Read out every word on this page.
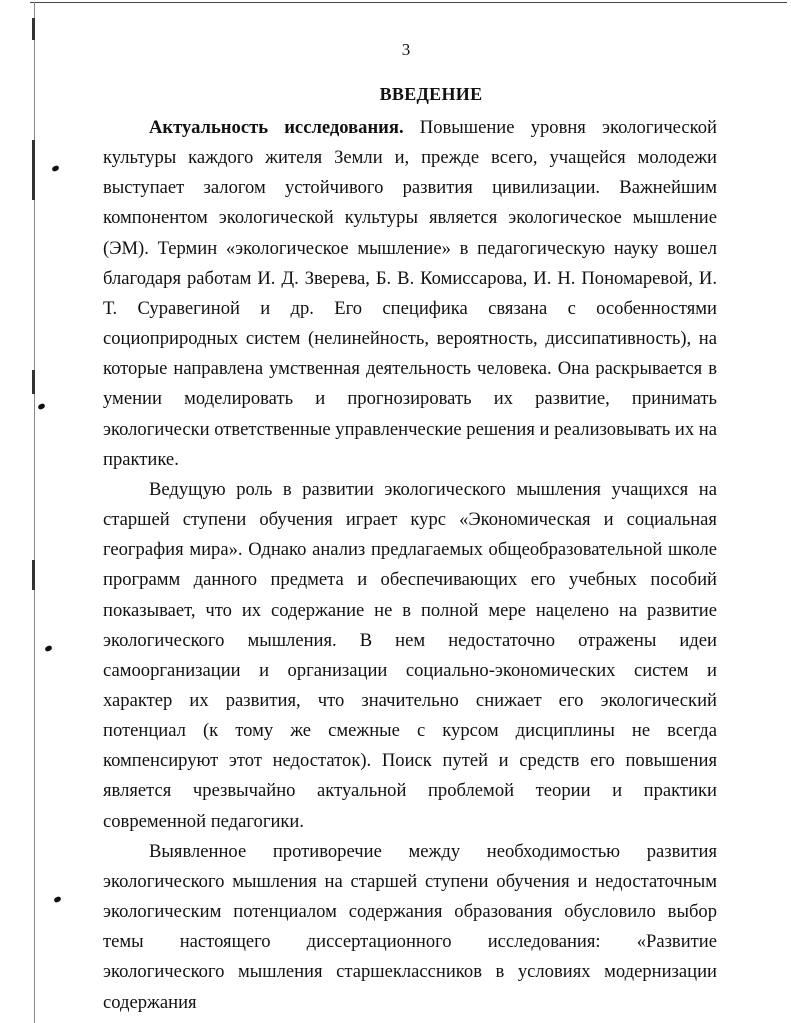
3
ВВЕДЕНИЕ

Актуальность исследования. Повышение уровня экологической культуры каждого жителя Земли и, прежде всего, учащейся молодежи выступает залогом устойчивого развития цивилизации. Важнейшим компонентом экологической культуры является экологическое мышление (ЭМ). Термин «экологическое мышление» в педагогическую науку вошел благодаря работам И. Д. Зверева, Б. В. Комиссарова, И. Н. Пономаревой, И. Т. Суравегиной и др. Его специфика связана с особенностями социоприродных систем (нелинейность, вероятность, диссипативность), на которые направлена умственная деятельность человека. Она раскрывается в умении моделировать и прогнозировать их развитие, принимать экологически ответственные управленческие решения и реализовывать их на практике.

Ведущую роль в развитии экологического мышления учащихся на старшей ступени обучения играет курс «Экономическая и социальная география мира». Однако анализ предлагаемых общеобразовательной школе программ данного предмета и обеспечивающих его учебных пособий показывает, что их содержание не в полной мере нацелено на развитие экологического мышления. В нем недостаточно отражены идеи самоорганизации и организации социально-экономических систем и характер их развития, что значительно снижает его экологический потенциал (к тому же смежные с курсом дисциплины не всегда компенсируют этот недостаток). Поиск путей и средств его повышения является чрезвычайно актуальной проблемой теории и практики современной педагогики.

Выявленное противоречие между необходимостью развития экологического мышления на старшей ступени обучения и недостаточным экологическим потенциалом содержания образования обусловило выбор темы настоящего диссертационного исследования: «Развитие экологического мышления старшеклассников в условиях модернизации содержания
